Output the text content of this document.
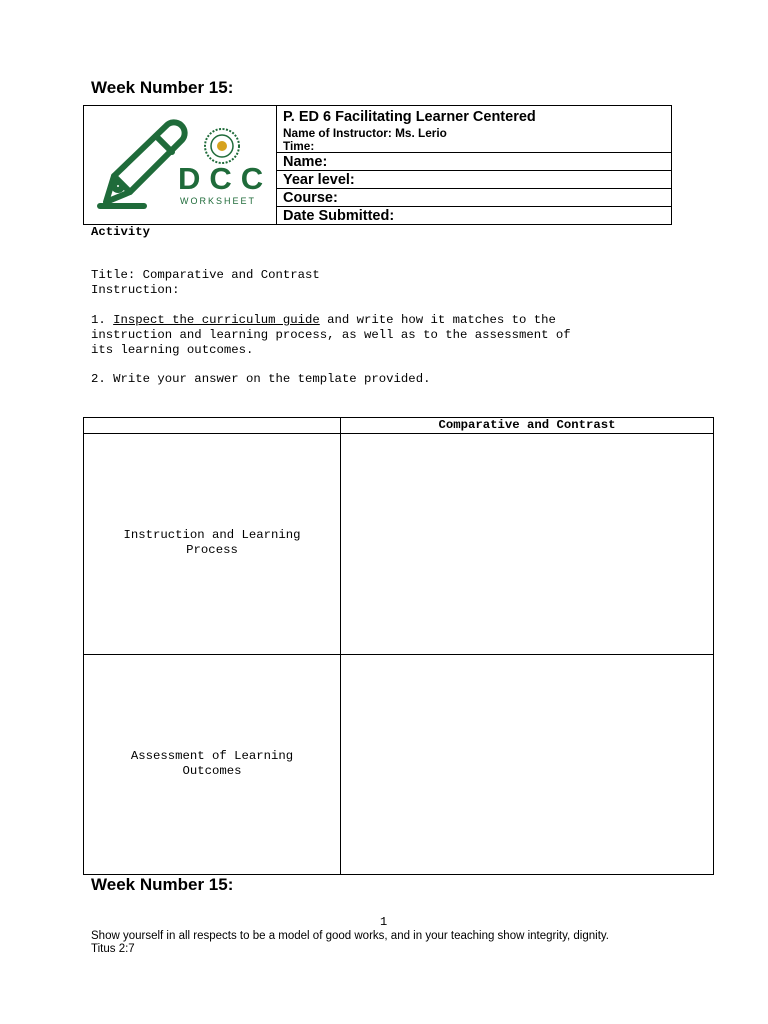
Week Number 15:
DCC
WORKSHEET
P. ED 6 Facilitating Learner Centered
Name of Instructor: Ms. Lerio
Time:
Name:
Year level:
Course:
Date Submitted:
Activity
Title: Comparative and Contrast
Instruction:
1. Inspect the curriculum guide and write how it matches to the
instruction and learning process, as well as to the assessment of
its learning outcomes.
2. Write your answer on the template provided.
Comparative and Contrast
Instruction and Learning
Process
Assessment of Learning
Outcomes
Week Number 15:
1
Show yourself in all respects to be a model of good works, and in your teaching show integrity, dignity.
Titus 2:7
